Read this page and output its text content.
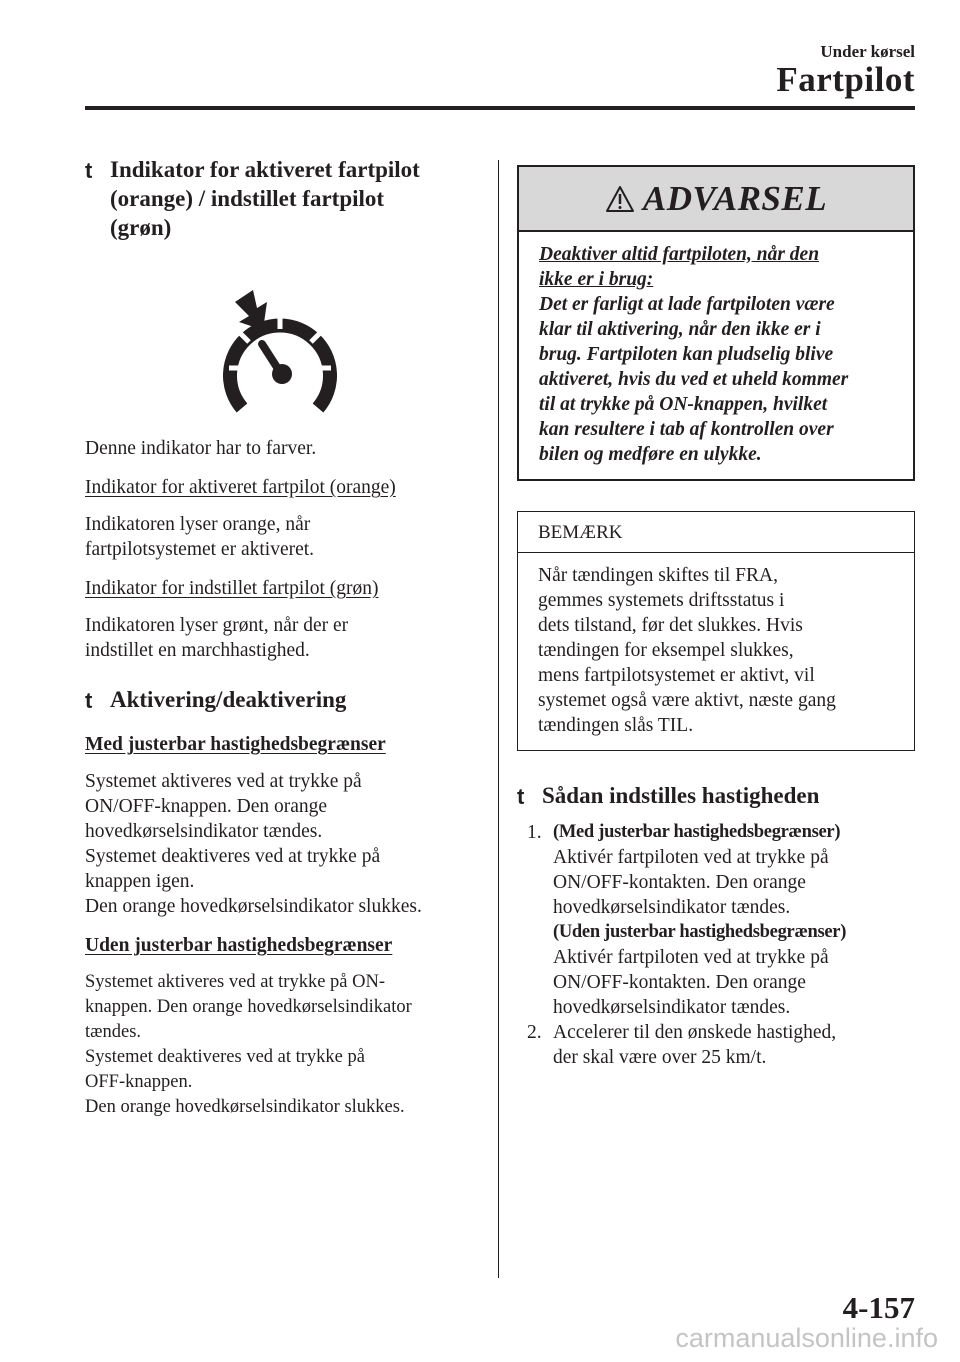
Under kørsel
Fartpilot
t Indikator for aktiveret fartpilot
(orange) / indstillet fartpilot
(grøn)
Denne indikator har to farver.
Indikator for aktiveret fartpilot (orange)
Indikatoren lyser orange, når
fartpilotsystemet er aktiveret.
Indikator for indstillet fartpilot (grøn)
Indikatoren lyser grønt, når der er
indstillet en marchhastighed.
t Aktivering/deaktivering
Med justerbar hastighedsbegrænser
Systemet aktiveres ved at trykke på
ON/OFF-knappen. Den orange
hovedkørselsindikator tændes.
Systemet deaktiveres ved at trykke på
knappen igen.
Den orange hovedkørselsindikator slukkes.
Uden justerbar hastighedsbegrænser
Systemet aktiveres ved at trykke på ON-
knappen. Den orange hovedkørselsindikator
tændes.
Systemet deaktiveres ved at trykke på
OFF-knappen.
Den orange hovedkørselsindikator slukkes.
ADVARSEL
Deaktiver altid fartpiloten, når den
ikke er i brug:
Det er farligt at lade fartpiloten være
klar til aktivering, når den ikke er i
brug. Fartpiloten kan pludselig blive
aktiveret, hvis du ved et uheld kommer
til at trykke på ON-knappen, hvilket
kan resultere i tab af kontrollen over
bilen og medføre en ulykke.
BEMÆRK
Når tændingen skiftes til FRA,
gemmes systemets driftsstatus i
dets tilstand, før det slukkes. Hvis
tændingen for eksempel slukkes,
mens fartpilotsystemet er aktivt, vil
systemet også være aktivt, næste gang
tændingen slås TIL.
t Sådan indstilles hastigheden
1. (Med justerbar hastighedsbegrænser)
Aktivér fartpiloten ved at trykke på
ON/OFF-kontakten. Den orange
hovedkørselsindikator tændes.
(Uden justerbar hastighedsbegrænser)
Aktivér fartpiloten ved at trykke på
ON/OFF-kontakten. Den orange
hovedkørselsindikator tændes.
2. Accelerer til den ønskede hastighed,
der skal være over 25 km/t.
4-157
carmanualsonline.info
